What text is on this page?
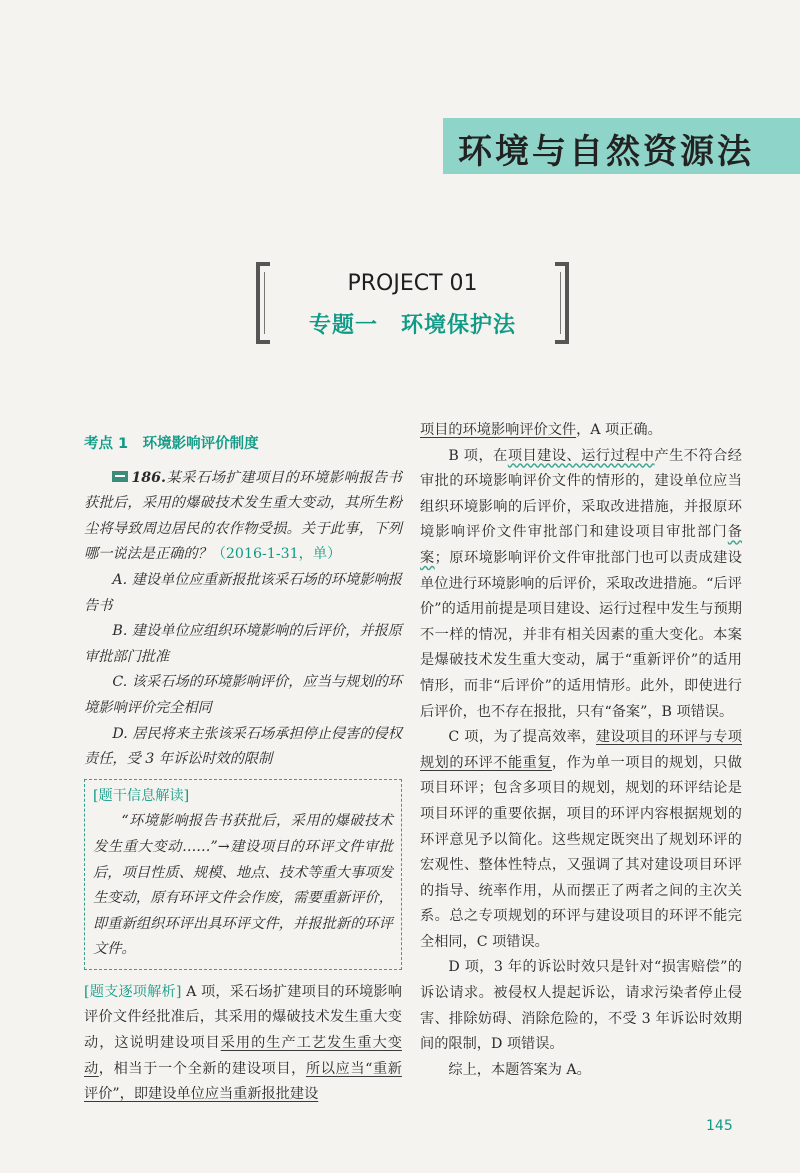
环境与自然资源法
PROJECT 01
专题一　环境保护法

考点 1　环境影响评价制度

186.某采石场扩建项目的环境影响报告书获批后，采用的爆破技术发生重大变动，其所生粉尘将导致周边居民的农作物受损。关于此事，下列哪一说法是正确的？（2016-1-31，单）

A. 建设单位应重新报批该采石场的环境影响报告书

B. 建设单位应组织环境影响的后评价，并报原审批部门批准

C. 该采石场的环境影响评价，应当与规划的环境影响评价完全相同

D. 居民将来主张该采石场承担停止侵害的侵权责任，受 3 年诉讼时效的限制

[题干信息解读]

“环境影响报告书获批后，采用的爆破技术发生重大变动……”→建设项目的环评文件审批后，项目性质、规模、地点、技术等重大事项发生变动，原有环评文件会作废，需要重新评价，即重新组织环评出具环评文件，并报批新的环评文件。

[题支逐项解析] A 项，采石场扩建项目的环境影响评价文件经批准后，其采用的爆破技术发生重大变动，这说明建设项目采用的生产工艺发生重大变动，相当于一个全新的建设项目，所以应当“重新评价”，即建设单位应当重新报批建设

项目的环境影响评价文件，A 项正确。

B 项，在项目建设、运行过程中产生不符合经审批的环境影响评价文件的情形的，建设单位应当组织环境影响的后评价，采取改进措施，并报原环境影响评价文件审批部门和建设项目审批部门备案；原环境影响评价文件审批部门也可以责成建设单位进行环境影响的后评价，采取改进措施。“后评价”的适用前提是项目建设、运行过程中发生与预期不一样的情况，并非有相关因素的重大变化。本案是爆破技术发生重大变动，属于“重新评价”的适用情形，而非“后评价”的适用情形。此外，即使进行后评价，也不存在报批，只有“备案”，B 项错误。

C 项，为了提高效率，建设项目的环评与专项规划的环评不能重复，作为单一项目的规划，只做项目环评；包含多项目的规划，规划的环评结论是项目环评的重要依据，项目的环评内容根据规划的环评意见予以简化。这些规定既突出了规划环评的宏观性、整体性特点，又强调了其对建设项目环评的指导、统率作用，从而摆正了两者之间的主次关系。总之专项规划的环评与建设项目的环评不能完全相同，C 项错误。

D 项，3 年的诉讼时效只是针对“损害赔偿”的诉讼请求。被侵权人提起诉讼，请求污染者停止侵害、排除妨碍、消除危险的，不受 3 年诉讼时效期间的限制，D 项错误。

综上，本题答案为 A。

145
